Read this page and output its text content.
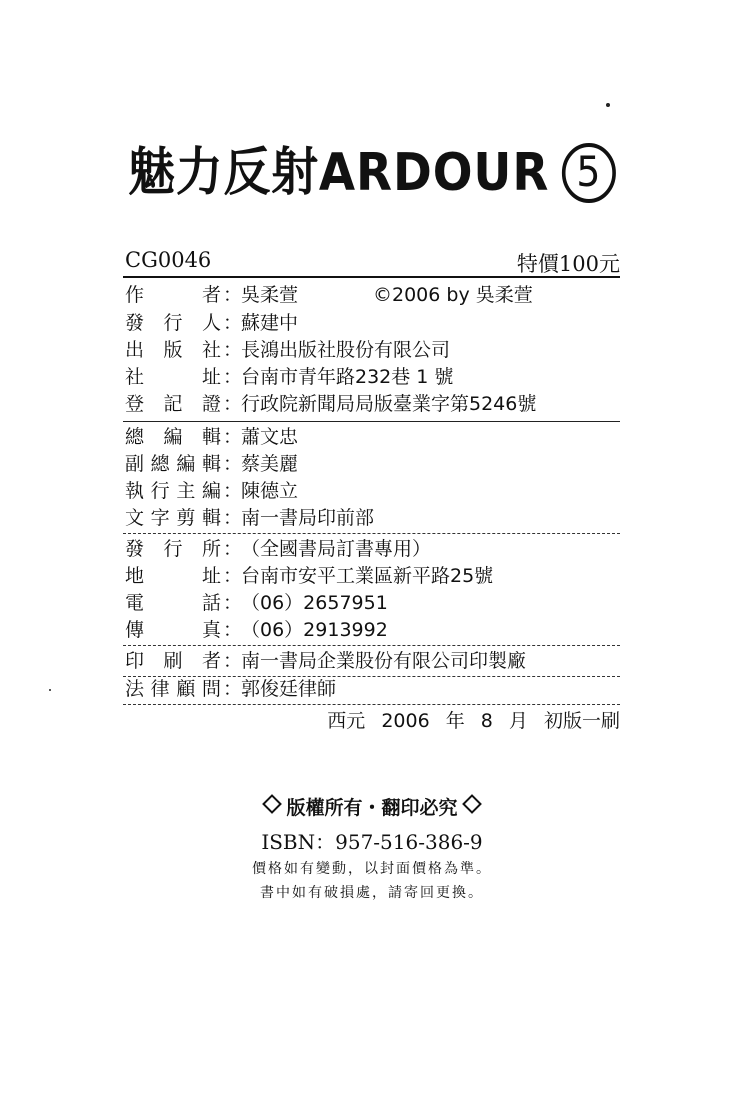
魅力反射ARDOUR 5
CG0046	特價100元
作　　者 ：
吳柔萱	©2006 by 吳柔萱
發 行 人 ：
蘇建中
出 版 社 ：
長鴻出版社股份有限公司
社　　址 ：
台南市青年路232巷 1 號
登 記 證 ：
行政院新聞局局版臺業字第5246號
總 編 輯 ：
蕭文忠
副總編輯 ：
蔡美麗
執行主編 ：
陳德立
文字剪輯 ：
南一書局印前部
發 行 所 ：
（全國書局訂書專用）
地　　址 ：
台南市安平工業區新平路25號
電　　話 ：
（06）2657951
傳　　真 ：
（06）2913992
印 刷 者 ：
南一書局企業股份有限公司印製廠
法律顧問 ：
郭俊廷律師
西元 2006 年 8 月 初版一刷
版權所有・翻印必究
ISBN：957-516-386-9
價格如有變動，以封面價格為準。
書中如有破損處，請寄回更換。
